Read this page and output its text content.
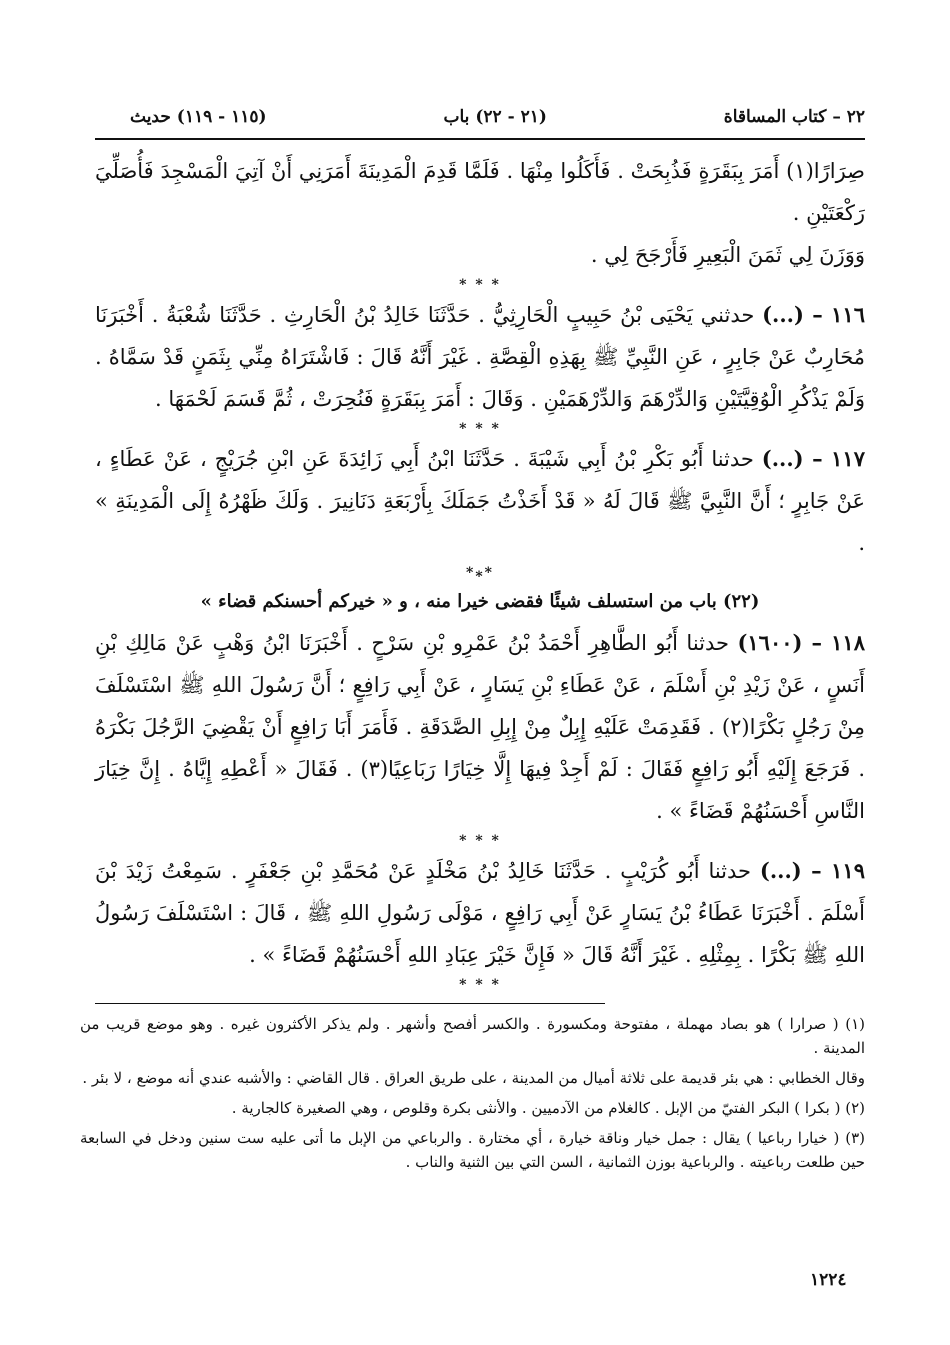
٢٢ – كتاب المساقاة
(٢١ - ٢٢) باب
(١١٥ - ١١٩) حديث

صِرَارًا(١) أَمَرَ بِبَقَرَةٍ فَذُبِحَتْ . فَأَكَلُوا مِنْهَا . فَلَمَّا قَدِمَ الْمَدِينَةَ أَمَرَنِي أَنْ آتِيَ الْمَسْجِدَ فَأُصَلِّيَ رَكْعَتَيْنِ .

وَوَزَنَ لِي ثَمَنَ الْبَعِيرِ فَأَرْجَحَ لِي .

* * *

١١٦ – (...) حدثني يَحْيَى بْنُ حَبِيبٍ الْحَارِثِيُّ . حَدَّثَنَا خَالِدُ بْنُ الْحَارِثِ . حَدَّثَنَا شُعْبَةُ . أَخْبَرَنَا مُحَارِبٌ عَنْ جَابِرٍ ، عَنِ النَّبِيِّ ﷺ بِهَذِهِ الْقِصَّةِ . غَيْرَ أَنَّهُ قَالَ : فَاشْتَرَاهُ مِنِّي بِثَمَنٍ قَدْ سَمَّاهُ . وَلَمْ يَذْكُرِ الْوُقِيَّتَيْنِ وَالدِّرْهَمَ وَالدِّرْهَمَيْنِ . وَقَالَ : أَمَرَ بِبَقَرَةٍ فَنُحِرَتْ ، ثُمَّ قَسَمَ لَحْمَهَا .

* * *

١١٧ – (...) حدثنا أَبُو بَكْرِ بْنُ أَبِي شَيْبَةَ . حَدَّثَنَا ابْنُ أَبِي زَائِدَةَ عَنِ ابْنِ جُرَيْجٍ ، عَنْ عَطَاءٍ ، عَنْ جَابِرٍ ؛ أَنَّ النَّبِيَّ ﷺ قَالَ لَهُ « قَدْ أَخَذْتُ جَمَلَكَ بِأَرْبَعَةِ دَنَانِيرَ . وَلَكَ ظَهْرُهُ إِلَى الْمَدِينَةِ » .

*⁎*
(٢٢) باب من استسلف شيئًا فقضى خيرا منه ، و « خيركم أحسنكم قضاء »

١١٨ – (١٦٠٠) حدثنا أَبُو الطَّاهِرِ أَحْمَدُ بْنُ عَمْرِو بْنِ سَرْحٍ . أَخْبَرَنَا ابْنُ وَهْبٍ عَنْ مَالِكِ بْنِ أَنَسٍ ، عَنْ زَيْدِ بْنِ أَسْلَمَ ، عَنْ عَطَاءِ بْنِ يَسَارٍ ، عَنْ أَبِي رَافِعٍ ؛ أَنَّ رَسُولَ اللهِ ﷺ اسْتَسْلَفَ مِنْ رَجُلٍ بَكْرًا(٢) . فَقَدِمَتْ عَلَيْهِ إِبِلٌ مِنْ إِبِلِ الصَّدَقَةِ . فَأَمَرَ أَبَا رَافِعٍ أَنْ يَقْضِيَ الرَّجُلَ بَكْرَهُ . فَرَجَعَ إِلَيْهِ أَبُو رَافِعٍ فَقَالَ : لَمْ أَجِدْ فِيهَا إِلَّا خِيَارًا رَبَاعِيًا(٣) . فَقَالَ « أَعْطِهِ إِيَّاهُ . إِنَّ خِيَارَ النَّاسِ أَحْسَنُهُمْ قَضَاءً » .

* * *

١١٩ – (...) حدثنا أَبُو كُرَيْبٍ . حَدَّثَنَا خَالِدُ بْنُ مَخْلَدٍ عَنْ مُحَمَّدِ بْنِ جَعْفَرٍ . سَمِعْتُ زَيْدَ بْنَ أَسْلَمَ . أَخْبَرَنَا عَطَاءُ بْنُ يَسَارٍ عَنْ أَبِي رَافِعٍ ، مَوْلَى رَسُولِ اللهِ ﷺ ، قَالَ : اسْتَسْلَفَ رَسُولُ اللهِ ﷺ بَكْرًا . بِمِثْلِهِ . غَيْرَ أَنَّهُ قَالَ « فَإِنَّ خَيْرَ عِبَادِ اللهِ أَحْسَنُهُمْ قَضَاءً » .

* * *

(١) ( صرارا ) هو بصاد مهملة ، مفتوحة ومكسورة . والكسر أفصح وأشهر . ولم يذكر الأكثرون غيره . وهو موضع قريب من المدينة .

وقال الخطابي : هي بئر قديمة على ثلاثة أميال من المدينة ، على طريق العراق . قال القاضي : والأشبه عندي أنه موضع ، لا بئر .

(٢) ( بكرا ) البكر الفتيّ من الإبل . كالغلام من الآدميين . والأنثى بكرة وقلوص ، وهي الصغيرة كالجارية .

(٣) ( خيارا رباعيا ) يقال : جمل خيار وناقة خيارة ، أي مختارة . والرباعي من الإبل ما أتى عليه ست سنين ودخل في السابعة حين طلعت رباعيته . والرباعية بوزن الثمانية ، السن التي بين الثنية والناب .

١٢٢٤
